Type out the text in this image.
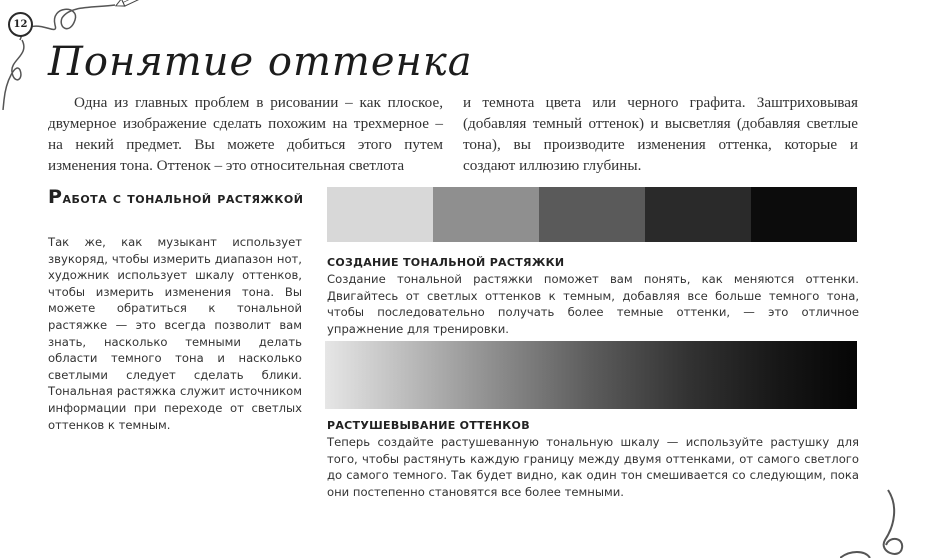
12
Понятие оттенка

Одна из главных проблем в рисовании – как плоское, двумерное изображение сделать похожим на трехмерное – на некий предмет. Вы можете добиться этого путем изменения тона. Оттенок – это относительная светлота

и темнота цвета или черного графита. Заштриховывая (добавляя темный оттенок) и высветляя (добавляя светлые тона), вы производите изменения оттенка, которые и создают иллюзию глубины.

Работа с тональной растяжкой
Так же, как музыкант использует звукоряд, чтобы измерить диапазон нот, художник использует шкалу оттенков, чтобы измерить изменения тона. Вы можете обратиться к тональной растяжке — это всегда позволит вам знать, насколько темными делать области темного тона и насколько светлыми следует сделать блики. Тональная растяжка служит источником информации при переходе от светлых оттенков к темным.
СОЗДАНИЕ ТОНАЛЬНОЙ РАСТЯЖКИ
Создание тональной растяжки поможет вам понять, как меняются оттенки. Двигайтесь от светлых оттенков к темным, добавляя все больше темного тона, чтобы последовательно получать более темные оттенки, — это отличное упражнение для тренировки.
РАСТУШЕВЫВАНИЕ ОТТЕНКОВ
Теперь создайте растушеванную тональную шкалу — используйте растушку для того, чтобы растянуть каждую границу между двумя оттенками, от самого светлого до самого темного. Так будет видно, как один тон смешивается со следующим, пока они постепенно становятся все более темными.
